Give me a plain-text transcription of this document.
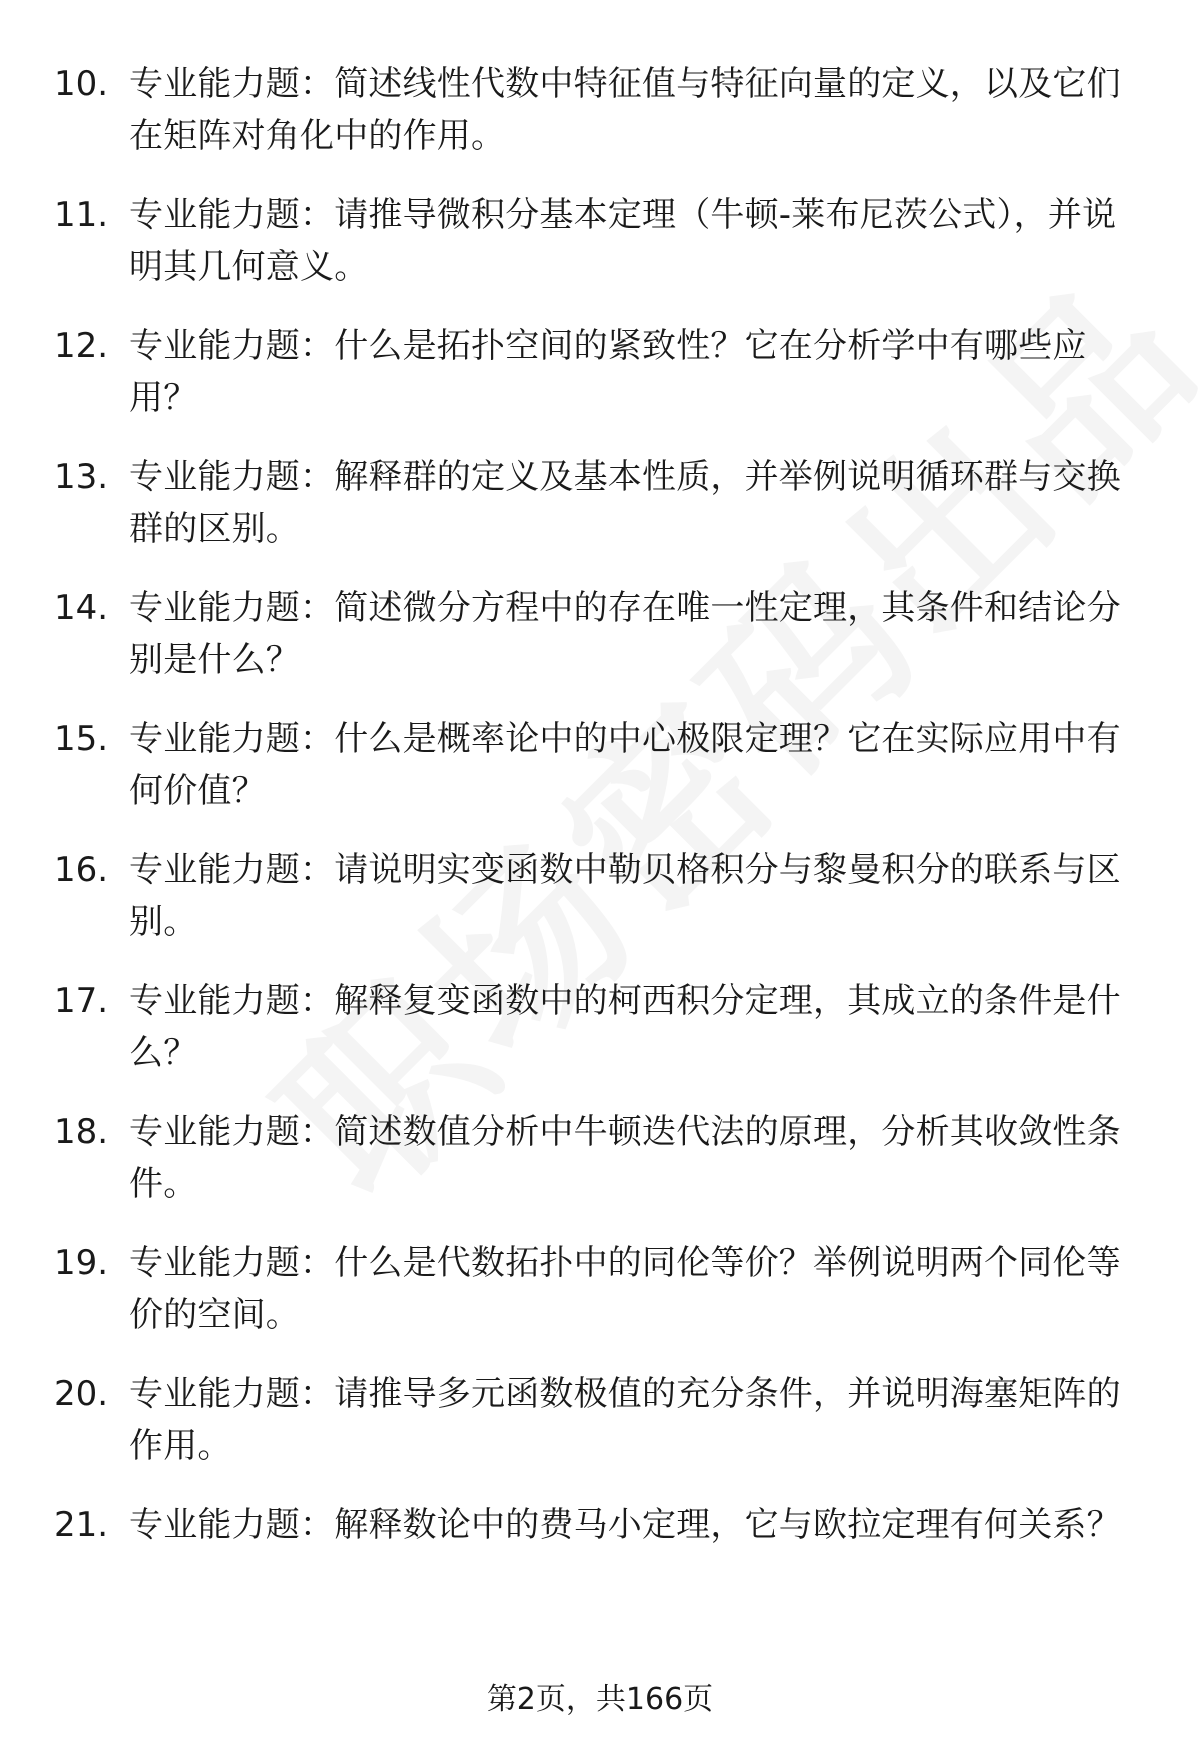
10. 专业能力题：简述线性代数中特征值与特征向量的定义，以及它们在矩阵对角化中的作用。
11. 专业能力题：请推导微积分基本定理（牛顿-莱布尼茨公式），并说明其几何意义。
12. 专业能力题：什么是拓扑空间的紧致性？它在分析学中有哪些应用？
13. 专业能力题：解释群的定义及基本性质，并举例说明循环群与交换群的区别。
14. 专业能力题：简述微分方程中的存在唯一性定理，其条件和结论分别是什么？
15. 专业能力题：什么是概率论中的中心极限定理？它在实际应用中有何价值？
16. 专业能力题：请说明实变函数中勒贝格积分与黎曼积分的联系与区别。
17. 专业能力题：解释复变函数中的柯西积分定理，其成立的条件是什么？
18. 专业能力题：简述数值分析中牛顿迭代法的原理，分析其收敛性条件。
19. 专业能力题：什么是代数拓扑中的同伦等价？举例说明两个同伦等价的空间。
20. 专业能力题：请推导多元函数极值的充分条件，并说明海塞矩阵的作用。
21. 专业能力题：解释数论中的费马小定理，它与欧拉定理有何关系？
第2页，共166页
